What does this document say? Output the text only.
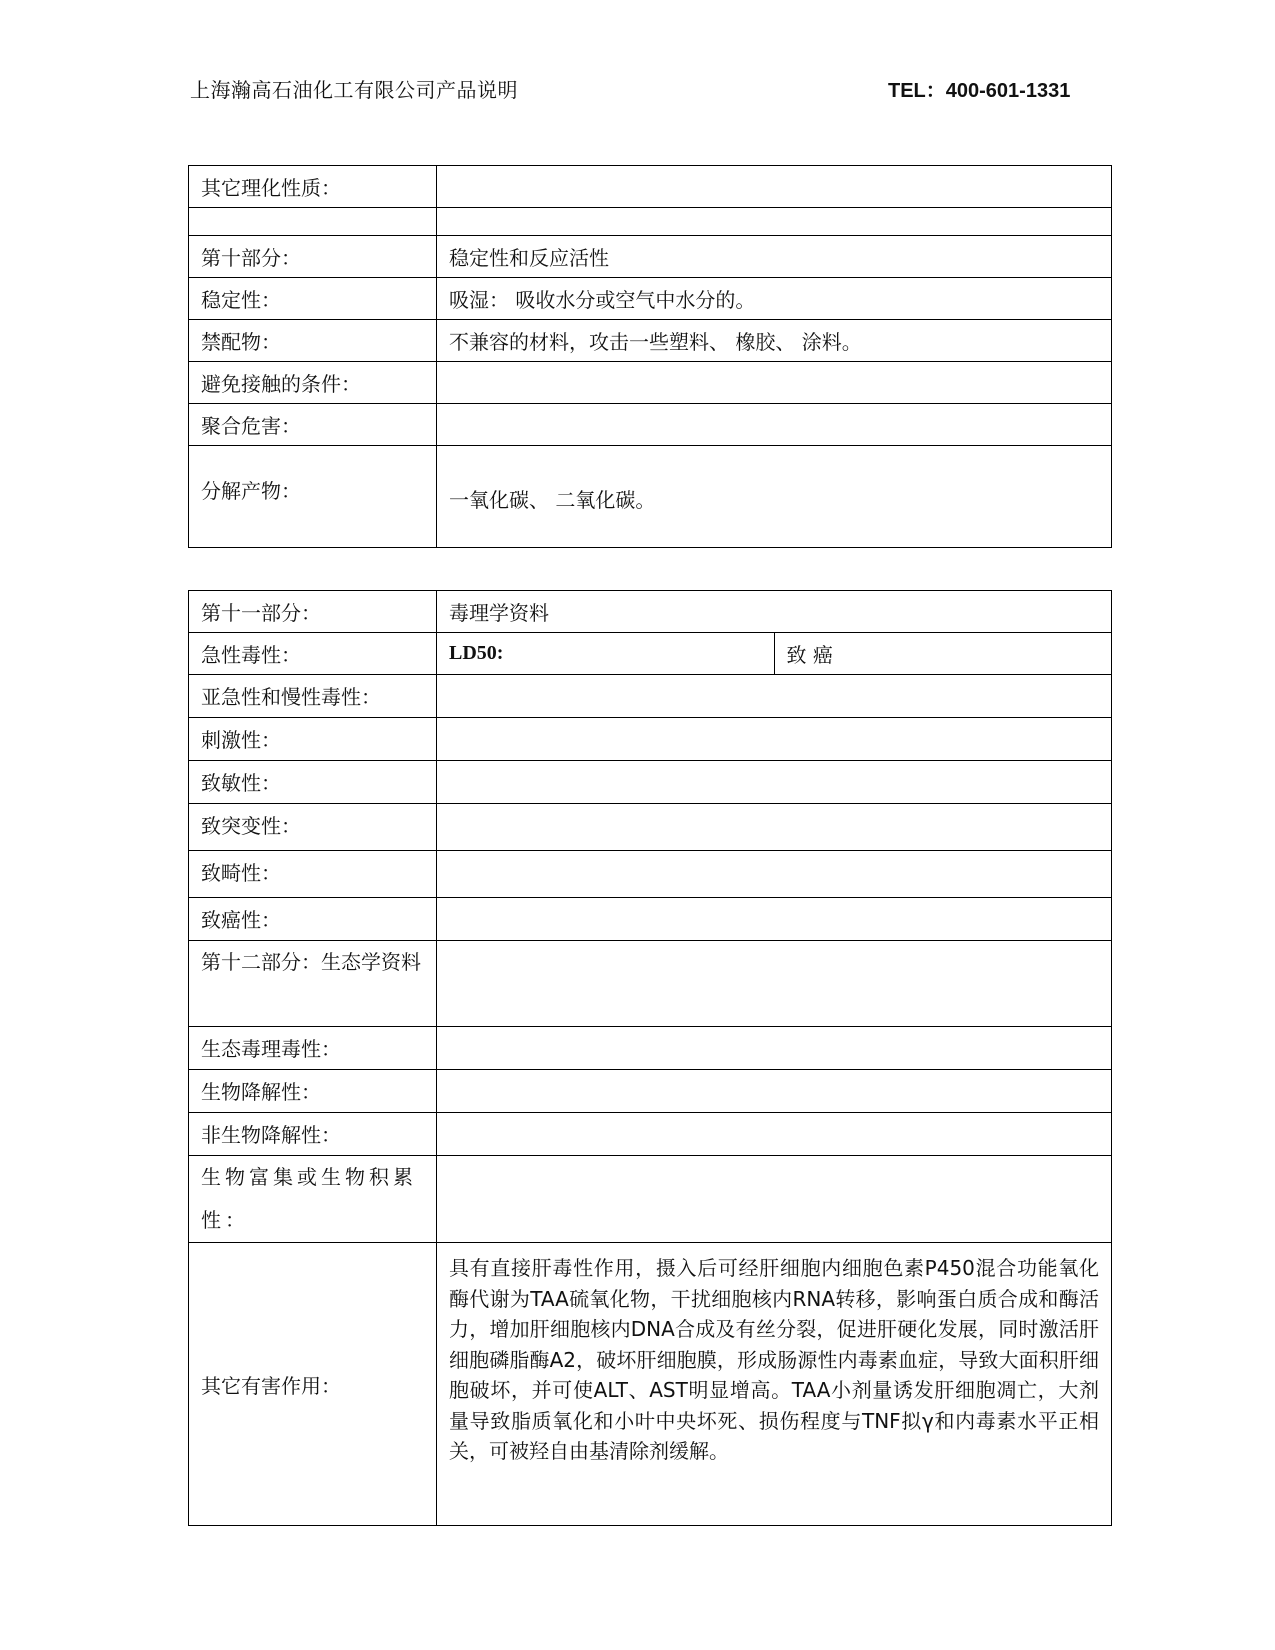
上海瀚高石油化工有限公司产品说明	TEL：400-601-1331
其它理化性质：	

第十部分：	稳定性和反应活性
稳定性：	吸湿： 吸收水分或空气中水分的。
禁配物：	不兼容的材料，攻击一些塑料、 橡胶、 涂料。
避免接触的条件：	
聚合危害：	
分解产物：	一氧化碳、 二氧化碳。
第十一部分：	毒理学资料	
急性毒性：	LD50:	致 癌
亚急性和慢性毒性：		
刺激性：		
致敏性：		
致突变性：		
致畸性：		
致癌性：		
第十二部分：生态学资料		
生态毒理毒性：		
生物降解性：		
非生物降解性：		
生物富集或生物积累性：		
其它有害作用：	具有直接肝毒性作用，摄入后可经肝细胞内细胞色素P450混合功能氧化酶代谢为TAA硫氧化物，干扰细胞核内RNA转移，影响蛋白质合成和酶活力，增加肝细胞核内DNA合成及有丝分裂，促进肝硬化发展，同时激活肝细胞磷脂酶A2，破坏肝细胞膜，形成肠源性内毒素血症，导致大面积肝细胞破坏，并可使ALT、AST明显增高。TAA小剂量诱发肝细胞凋亡，大剂量导致脂质氧化和小叶中央坏死、损伤程度与TNF拟γ和内毒素水平正相关，可被羟自由基清除剂缓解。	
